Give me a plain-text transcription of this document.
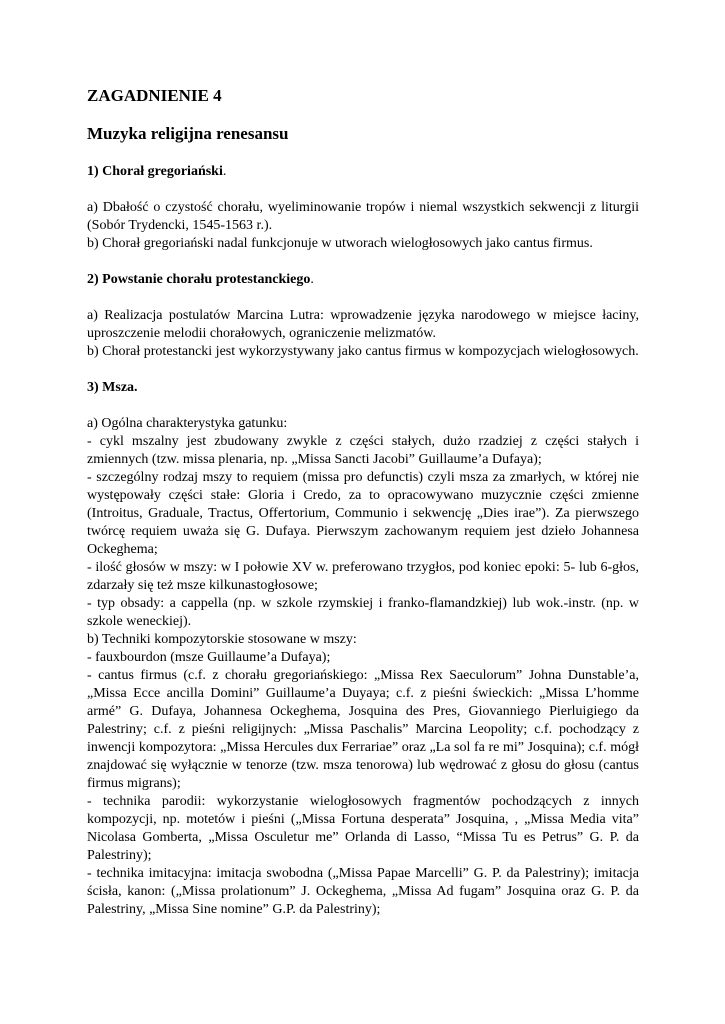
ZAGADNIENIE 4
Muzyka religijna renesansu
1) Chorał gregoriański.

a) Dbałość o czystość chorału, wyeliminowanie tropów i niemal wszystkich sekwencji z liturgii (Sobór Trydencki, 1545-1563 r.).

b) Chorał gregoriański nadal funkcjonuje w utworach wielogłosowych jako cantus firmus.

2) Powstanie chorału protestanckiego.

a) Realizacja postulatów Marcina Lutra: wprowadzenie języka narodowego w miejsce łaciny, uproszczenie melodii chorałowych, ograniczenie melizmatów.

b) Chorał protestancki jest wykorzystywany jako cantus firmus w kompozycjach wielogłosowych.

3) Msza.

a) Ogólna charakterystyka gatunku:

- cykl mszalny jest zbudowany zwykle z części stałych, dużo rzadziej z części stałych i zmiennych (tzw. missa plenaria, np. „Missa Sancti Jacobi” Guillaume’a Dufaya);

- szczególny rodzaj mszy to requiem (missa pro defunctis) czyli msza za zmarłych, w której nie występowały części stałe: Gloria i Credo, za to opracowywano muzycznie części zmienne (Introitus, Graduale, Tractus, Offertorium, Communio i sekwencję „Dies irae”). Za pierwszego twórcę requiem uważa się G. Dufaya. Pierwszym zachowanym requiem jest dzieło Johannesa Ockeghema;

- ilość głosów w mszy: w I połowie XV w. preferowano trzygłos, pod koniec epoki: 5- lub 6-głos, zdarzały się też msze kilkunastogłosowe;

- typ obsady: a cappella (np. w szkole rzymskiej i franko-flamandzkiej) lub wok.-instr. (np. w szkole weneckiej).

b) Techniki kompozytorskie stosowane w mszy:

- fauxbourdon (msze Guillaume’a Dufaya);

- cantus firmus (c.f. z chorału gregoriańskiego: „Missa Rex Saeculorum” Johna Dunstable’a, „Missa Ecce ancilla Domini” Guillaume’a Duyaya; c.f. z pieśni świeckich: „Missa L’homme armé” G. Dufaya, Johannesa Ockeghema, Josquina des Pres, Giovanniego Pierluigiego da Palestriny; c.f. z pieśni religijnych: „Missa Paschalis” Marcina Leopolity; c.f. pochodzący z inwencji kompozytora: „Missa Hercules dux Ferrariae” oraz „La sol fa re mi” Josquina); c.f. mógł znajdować się wyłącznie w tenorze (tzw. msza tenorowa) lub wędrować z głosu do głosu (cantus firmus migrans);

- technika parodii: wykorzystanie wielogłosowych fragmentów pochodzących z innych kompozycji, np. motetów i pieśni („Missa Fortuna desperata” Josquina, , „Missa Media vita” Nicolasa Gomberta, „Missa Osculetur me” Orlanda di Lasso, “Missa Tu es Petrus” G. P. da Palestriny);

- technika imitacyjna: imitacja swobodna („Missa Papae Marcelli” G. P. da Palestriny); imitacja ścisła, kanon: („Missa prolationum” J. Ockeghema, „Missa Ad fugam” Josquina oraz G. P. da Palestriny, „Missa Sine nomine” G.P. da Palestriny);
